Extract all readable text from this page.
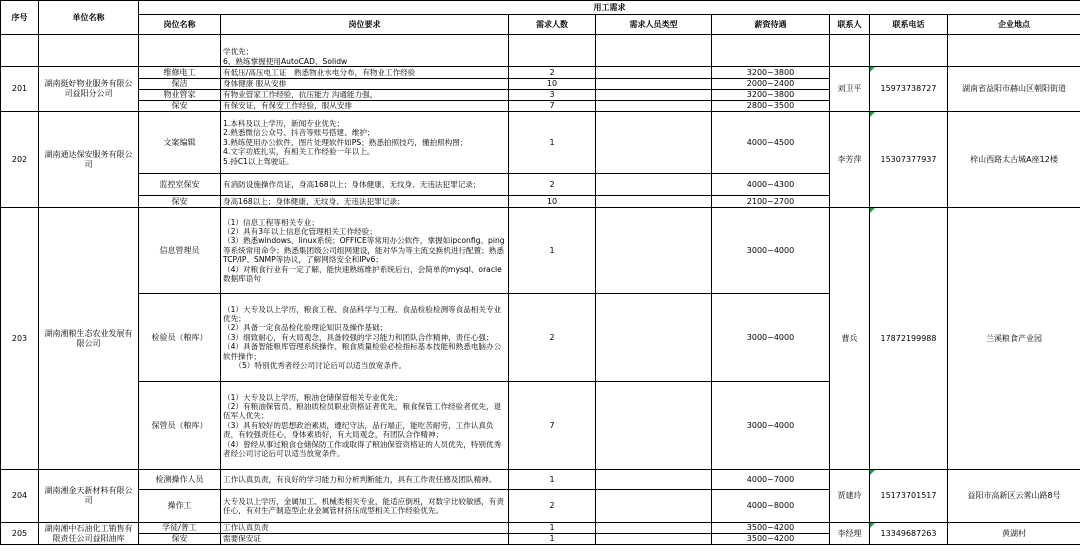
序号	单位名称	用工需求							
		岗位名称	岗位要求	需求人数	需求人员类型	薪资待遇	联系人	联系电话	企业地点
			学优先；
6、熟练掌握使用AutoCAD、Solidw						
201	湖南挺好物业服务有限公司益阳分公司	维修电工	有低压/高压电工证　熟悉物业水电分布，有物业工作经验	2		3200~3800	刘卫平	15973738727	湖南省益阳市赫山区朝阳街道
		保洁	身体健康 服从安排	10		2000~2400			
		物业管家	有物业管家工作经验，抗压能力 沟通能力强，	3		3200~3800			
		保安	有保安证，有保安工作经验，服从安排	7		2800~3500			
202	湖南通达保安服务有限公司	文案编辑	1.本科及以上学历，新闻专业优先；
2.熟悉微信公众号、抖音等账号搭建、维护；
3.熟练使用办公软件、图片处理软件如PS；熟悉拍照技巧，懂拍照构图；
4.文字功底扎实，有相关工作经验一年以上。
5.持C1以上驾驶证。	1		4000~4500	李芳萍	15307377937	梓山西路太古城A座12楼
		监控室保安	有消防设施操作员证，身高168以上；身体健康、无纹身、无违法犯罪记录；	2		4000~4300			
		保安	身高168以上；身体健康、无纹身、无违法犯罪记录；	10		2100~2700			
203	湖南湘粮生态农业发展有限公司	信息管理员	（1）信息工程等相关专业；
（2）具有3年以上信息化管理相关工作经验；
（3）熟悉windows、linux系统；OFFICE等常用办公软件，掌握如ipconfig、ping等系统常用命令；熟悉集团级公司组网建设，能对华为等主流交换机进行配置；熟悉 TCP/IP、SNMP等协议，了解网络安全和IPv6；
（4）对粮食行业有一定了解，能快速熟练维护系统后台，会简单的mysql、oracle数据库语句	1		3000~4000	曹兵	17872199988	兰溪粮食产业园
		检验员（粮库）	（1）大专及以上学历，粮食工程、食品科学与工程、食品检验检测等食品相关专业优先；
（2）具备一定食品检化验理论知识及操作基础；
（3）细致耐心，有大局观念，具备较强的学习能力和团队合作精神，责任心强；
（4）具备智能粮库管理系统操作、粮食质量检验必检指标基本技能和熟悉电脑办公软件操作；
　　（5）特别优秀者经公司讨论后可以适当放宽条件。	2		3000~4000			
		保管员（粮库）	（1）大专及以上学历，粮油仓储保管相关专业优先；
（2）有粮油保管员、粮油质检员职业资格证者优先，粮食保管工作经验者优先，退伍军人优先；
（3）具有较好的思想政治素质，遵纪守法，品行端正，能吃苦耐劳，工作认真负责，有较强责任心，身体素质好，有大局观念，有团队合作精神；
（4）曾经从事过粮食仓储保防工作或取得了粮油保管资格证的人员优先，特别优秀者经公司讨论后可以适当放宽条件。	7		3000~4000			
204	湖南湘金天新材料有限公司	检测操作人员	工作认真负责，有良好的学习能力和分析判断能力，具有工作责任感及团队精神。	1		4000~7000	贾建玲	15173701517	益阳市高新区云雾山路8号
		操作工	大专及以上学历，金属加工、机械类相关专业，能适应倒班，对数字比较敏感，有责任心，有对生产制造型企业金属管材挤压成型相关工作经验优先。	2		4000~8000			
205	湖南湘中石油化工销售有限责任公司益阳油库	学徒/普工	工作认真负责	1		3500~4200	李经理	13349687263	黄湖村
		保安	需要保安证	1		3500~4200			
